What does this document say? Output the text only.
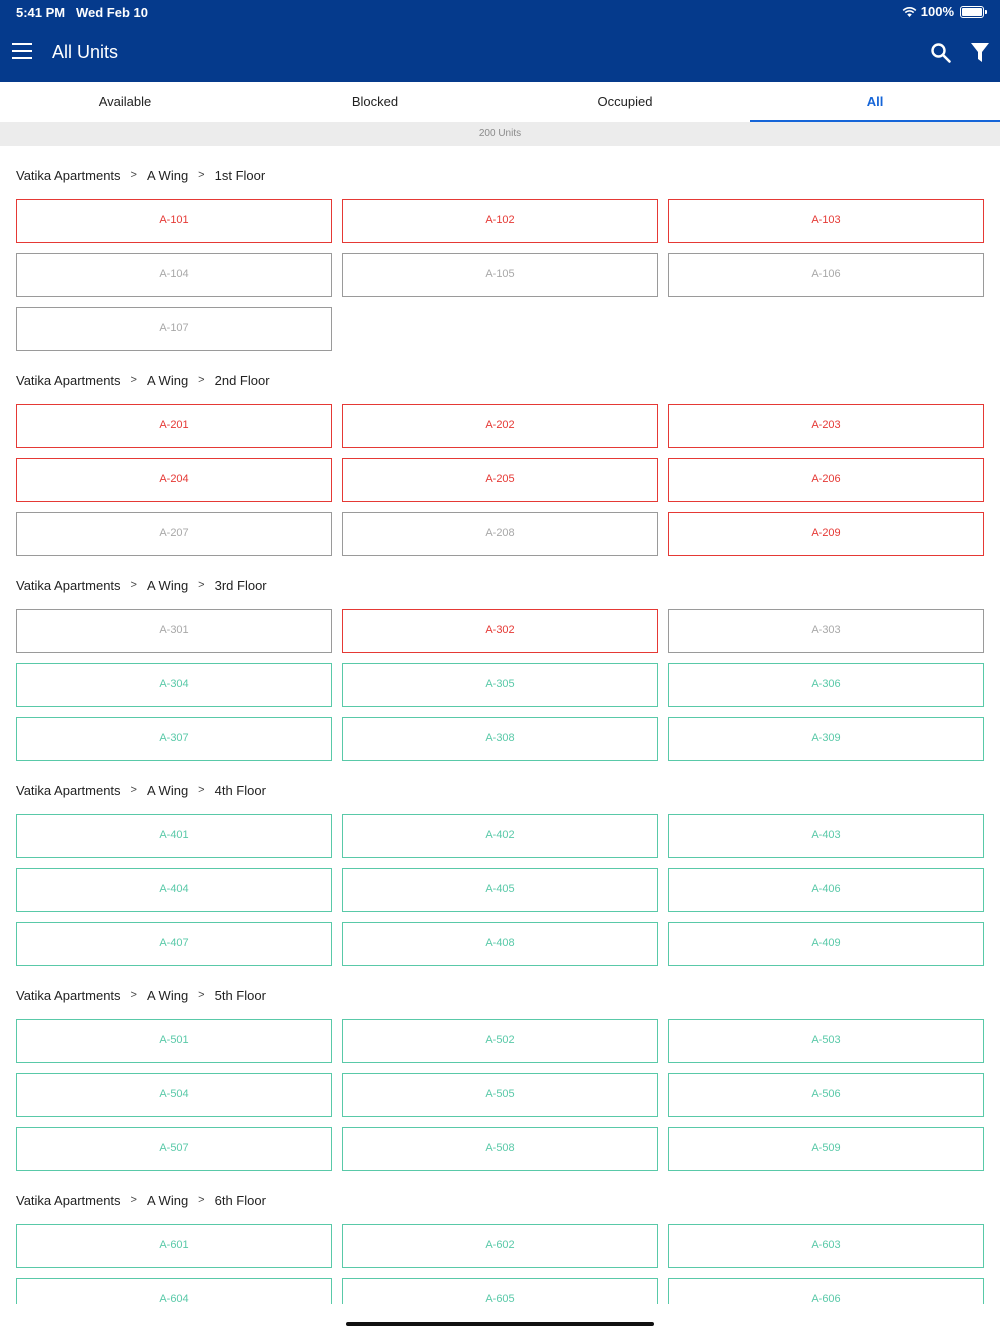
5:41 PM Wed Feb 10	100%
All Units
Available	Blocked	Occupied	All
200 Units
Vatika Apartments > A Wing > 1st Floor
A-101	A-102	A-103
A-104	A-105	A-106
A-107
Vatika Apartments > A Wing > 2nd Floor
A-201	A-202	A-203
A-204	A-205	A-206
A-207	A-208	A-209
Vatika Apartments > A Wing > 3rd Floor
A-301	A-302	A-303
A-304	A-305	A-306
A-307	A-308	A-309
Vatika Apartments > A Wing > 4th Floor
A-401	A-402	A-403
A-404	A-405	A-406
A-407	A-408	A-409
Vatika Apartments > A Wing > 5th Floor
A-501	A-502	A-503
A-504	A-505	A-506
A-507	A-508	A-509
Vatika Apartments > A Wing > 6th Floor
A-601	A-602	A-603
A-604	A-605	A-606
